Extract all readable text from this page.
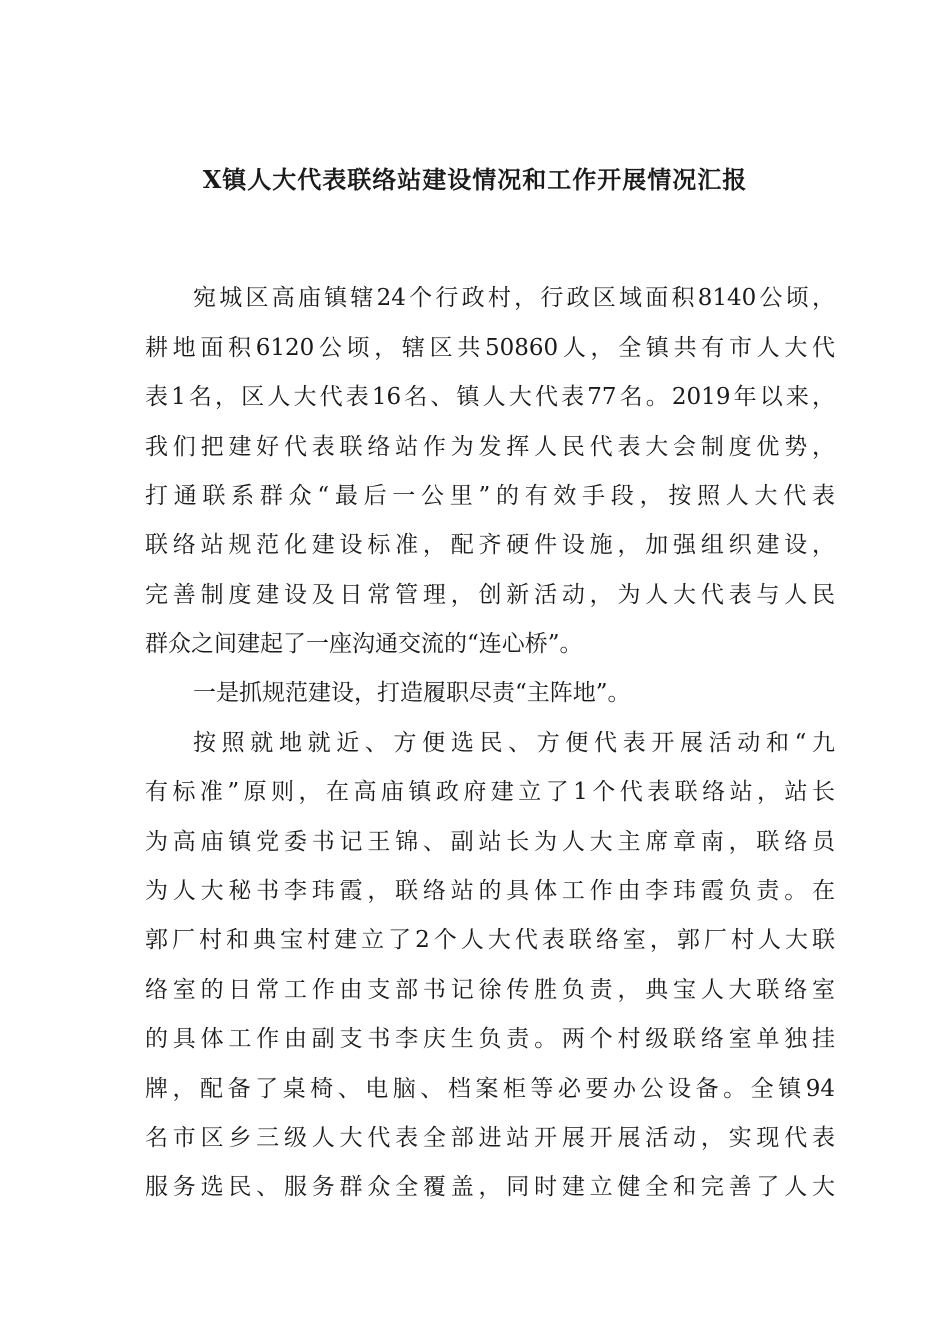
X镇人大代表联络站建设情况和工作开展情况汇报

宛城区高庙镇辖24个行政村，行政区域面积8140公顷，

耕地面积6120公顷，辖区共50860人，全镇共有市人大代

表1名，区人大代表16名、镇人大代表77名。2019年以来，

我们把建好代表联络站作为发挥人民代表大会制度优势，

打通联系群众“最后一公里”的有效手段，按照人大代表

联络站规范化建设标准，配齐硬件设施，加强组织建设，

完善制度建设及日常管理，创新活动，为人大代表与人民

群众之间建起了一座沟通交流的“连心桥”。

一是抓规范建设，打造履职尽责“主阵地”。

按照就地就近、方便选民、方便代表开展活动和“九

有标准”原则，在高庙镇政府建立了1个代表联络站，站长

为高庙镇党委书记王锦、副站长为人大主席章南，联络员

为人大秘书李玮霞，联络站的具体工作由李玮霞负责。在

郭厂村和典宝村建立了2个人大代表联络室，郭厂村人大联

络室的日常工作由支部书记徐传胜负责，典宝人大联络室

的具体工作由副支书李庆生负责。两个村级联络室单独挂

牌，配备了桌椅、电脑、档案柜等必要办公设备。全镇94

名市区乡三级人大代表全部进站开展开展活动，实现代表

服务选民、服务群众全覆盖，同时建立健全和完善了人大
